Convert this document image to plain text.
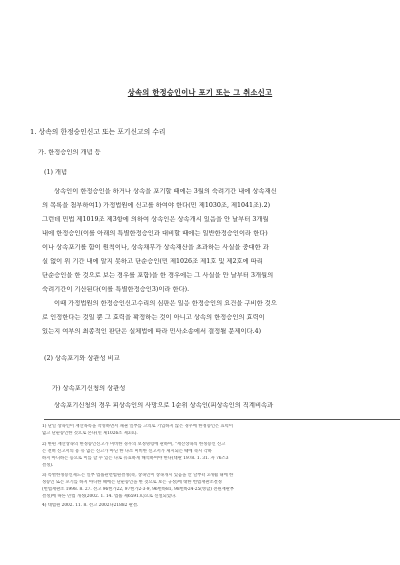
상속의 한정승인이나 포기 또는 그 취소신고
1. 상속의 한정승인신고 또는 포기신고의 수리
가. 한정승인의 개념 등
(1) 개념
상속인이 한정승인을 하거나 상속을 포기할 때에는 3월의 숙려기간 내에 상속재신
의 목록을 첨부하여1) 가정법원에 신고를 하여야 한다(민 제1030조, 제1041조).2)
그런데 민법 제1019조 제3항에 의하여 상속인은 상속개시 있음을 안 날부터 3개월
내에 한정승인(이를 아래의 특별한정승인과 대비할 때에는 일반한정승인이라 한다)
이나 상속포기를 함이 원칙이나, 상속채무가 상속재산을 초과하는 사실을 중대한 과
실 없이 위 기간 내에 알지 못하고 단순승인(민 제1026조 제1호 및 제2호에 따리
단순승인을 한 것으로 보는 경우를 포함)을 한 경우에는 그 사실을 안 날부터 3개월의
숙려기간이 기산된다(이를 특별한정승인3)이라 한다).
이때 가정법원의 한정승인신고수리의 심판은 일응 한정승인의 요건을 구비한 것으
로 인정한다는 것일 뿐 그 효력을 확정하는 것이 아니고 상속의 한정승인의 효력이
있는지 여부의 최종적인 판단은 실체법에 따라 민사소송에서 결정될 문제이다.4)
(2) 상속포기와 상관성 비교
가) 상속포기신청의 상관성
상속포기신청의 경우 피상속인의 사망으로 1순위 상속인(피상속인의 직계비속과
1) 단일 상속인이 재산목록을 작성하면서 채권 일부를 고의로 기입하지 않은 경우에 한정승인은 효력이
없고 단순승인한 것으로 본다(민 제1026조 제3호).
2) 한편 재산상속의 한정승인신고가 미비한 경우의 보정명령에 관하여, "재산상속의 한정승인 신고
는 전혀 신고서의 용 유 없는 신고가 아닌 한 다소 미비한 신고서가 제시되는 때에 즉시 각하
하지 아니하는 등으로 이를 할 수 있는 다로 유효하게 해석하여야 한다(대판 1978. 1. 31. 자 76스3
결정).
3) 특별한정승인제도는 일부 법률관련법원결정(즉, 상속인이 상속개시 있음을 안 날부터 3개월 내에 한
정승인 또는 포기를 하지 아니한 때에는 단순승인을 한 것으로 보는 규정)에 대한 헌법재판소결정
(헌법재판소 1998. 8. 27. 선고 96헌가22, 97헌가2·3·9, 96헌바81, 98헌바24·25(병합) 전원재판부
결정)에 따른 민법 개정(2002. 1. 14. 법률 제6591호)으로 신설되었다.
4) 대법원 2002. 11. 8. 선고 2002다21882 판결.
